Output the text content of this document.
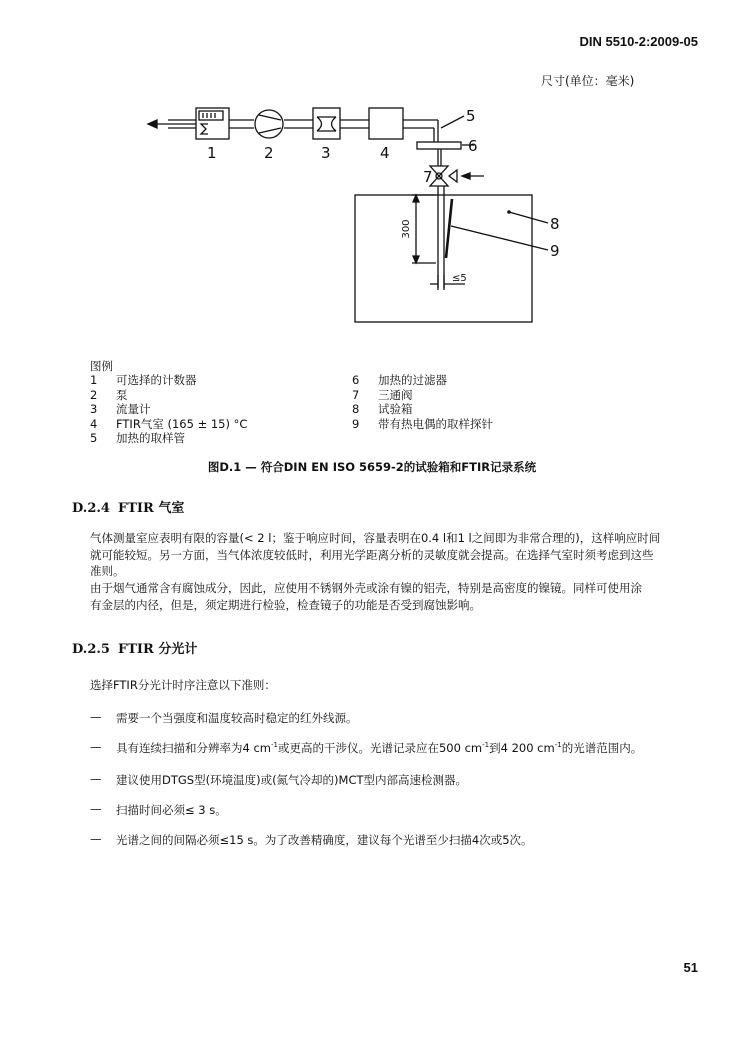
DIN 5510-2:2009-05
尺寸(单位：毫米)
1	2	3	4
5
6
7
8
9
300
≤5
图例
1	可选择的计数器
2	泵
3	流量计
4	FTIR气室 (165 ± 15) °C
5	加热的取样管
6	加热的过滤器
7	三通阀
8	试验箱
9	带有热电偶的取样探针
图D.1 — 符合DIN EN ISO 5659-2的试验箱和FTIR记录系统
D.2.4 FTIR 气室
气体测量室应表明有限的容量(< 2 l；鉴于响应时间，容量表明在0.4 l和1 l之间即为非常合理的)，这样响应时间
就可能较短。另一方面，当气体浓度较低时，利用光学距离分析的灵敏度就会提高。在选择气室时须考虑到这些
准则。
由于烟气通常含有腐蚀成分，因此，应使用不锈钢外壳或涂有镍的铝壳，特别是高密度的镍镜。同样可使用涂
有金层的内径，但是，须定期进行检验，检查镜子的功能是否受到腐蚀影响。
D.2.5 FTIR 分光计
选择FTIR分光计时序注意以下准则：
—	需要一个当强度和温度较高时稳定的红外线源。
—	具有连续扫描和分辨率为4 $cm^{-1}$或更高的干涉仪。光谱记录应在500 $cm^{-1}$到4 200 $cm^{-1}$的光谱范围内。
—	建议使用DTGS型(环境温度)或(氮气冷却的)MCT型内部高速检测器。
—	扫描时间必须≤ 3 s。
—	光谱之间的间隔必须≤15 s。为了改善精确度，建议每个光谱至少扫描4次或5次。
51
